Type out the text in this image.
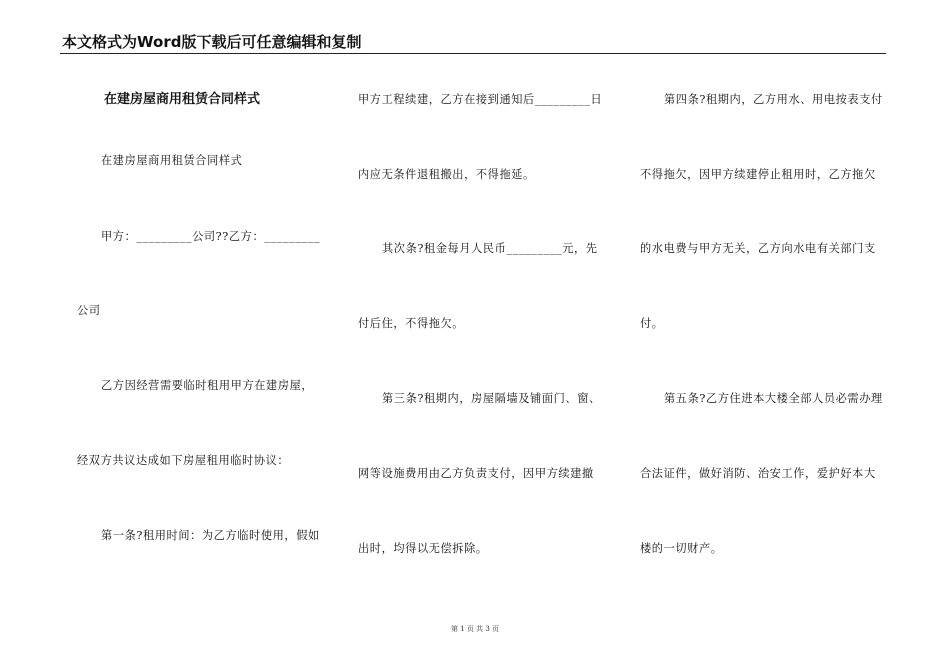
本文格式为Word版下载后可任意编辑和复制
在建房屋商用租赁合同样式
在建房屋商用租赁合同样式
甲方：_________公司??乙方：_________
公司
乙方因经营需要临时租用甲方在建房屋，
经双方共议达成如下房屋租用临时协议：
第一条?租用时间：为乙方临时使用，假如
甲方工程续建，乙方在接到通知后_________日
内应无条件退租搬出，不得拖延。
其次条?租金每月人民币_________元，先
付后住，不得拖欠。
第三条?租期内，房屋隔墙及铺面门、窗、
网等设施费用由乙方负责支付，因甲方续建撤
出时，均得以无偿拆除。
第四条?租期内，乙方用水、用电按表支付
不得拖欠，因甲方续建停止租用时，乙方拖欠
的水电费与甲方无关，乙方向水电有关部门支
付。
第五条?乙方住进本大楼全部人员必需办理
合法证件，做好消防、治安工作，爱护好本大
楼的一切财产。
第 1 页 共 3 页
